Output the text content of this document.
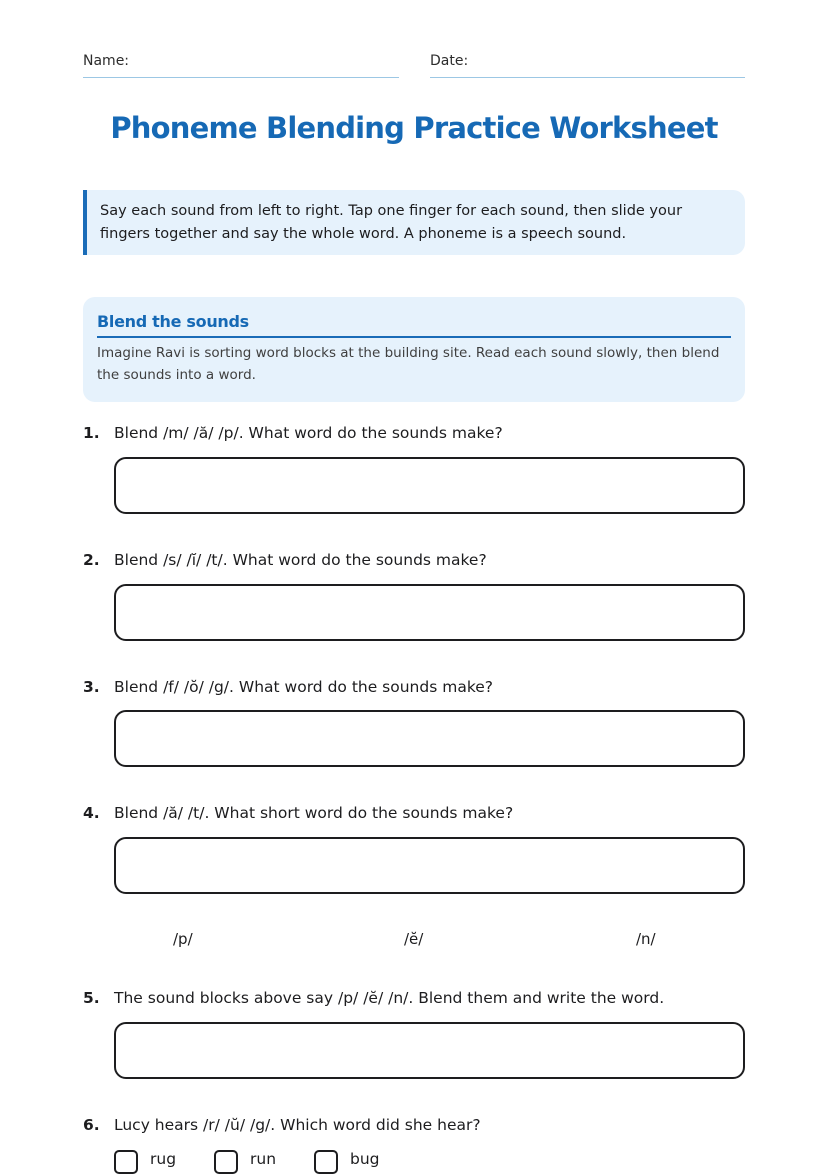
Name:	Date:
Phoneme Blending Practice Worksheet
Say each sound from left to right. Tap one finger for each sound, then slide your fingers together and say the whole word. A phoneme is a speech sound.
Blend the sounds
Imagine Ravi is sorting word blocks at the building site. Read each sound slowly, then blend the sounds into a word.
1. Blend /m/ /ă/ /p/. What word do the sounds make?
2. Blend /s/ /ĭ/ /t/. What word do the sounds make?
3. Blend /f/ /ŏ/ /g/. What word do the sounds make?
4. Blend /ă/ /t/. What short word do the sounds make?
/p/	/ĕ/	/n/
5. The sound blocks above say /p/ /ĕ/ /n/. Blend them and write the word.
6. Lucy hears /r/ /ŭ/ /g/. Which word did she hear?
rug	run	bug
